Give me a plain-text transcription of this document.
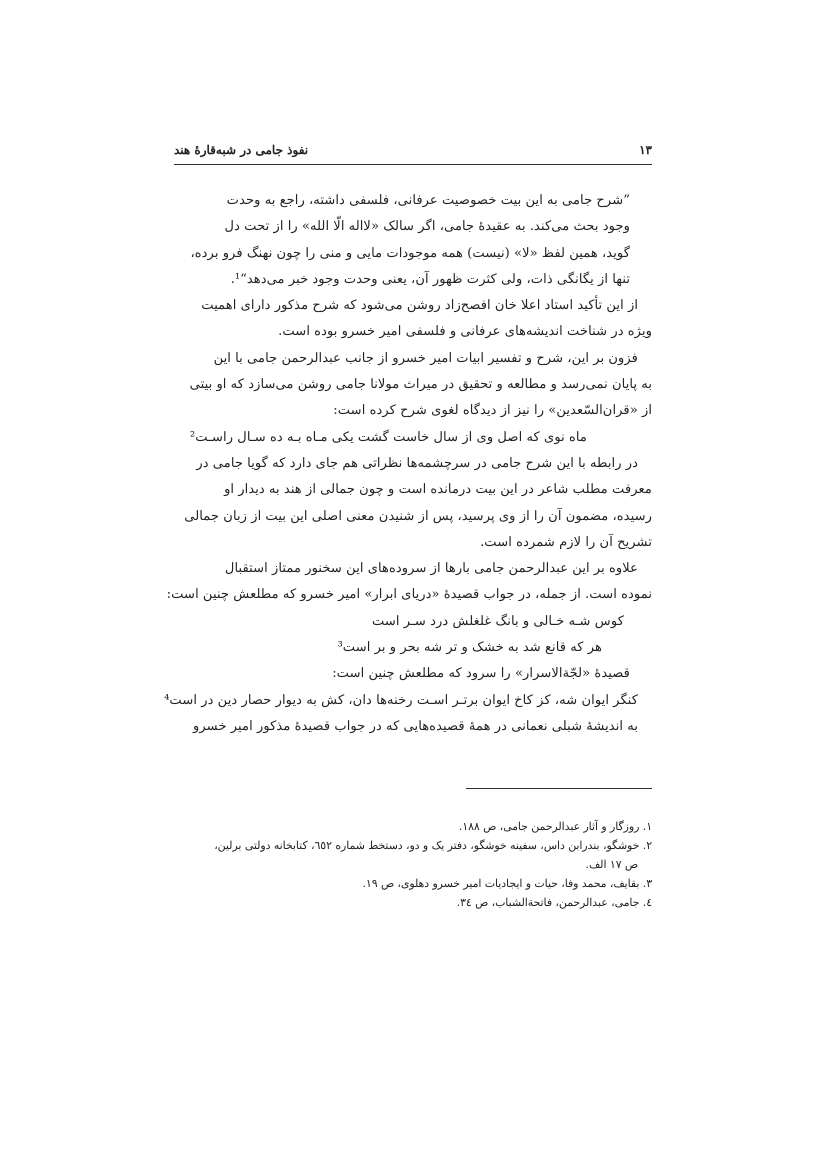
۱۳
نفوذ جامی در شبه‌قارهٔ هند
”شرح جامی به این بیت خصوصیت عرفانی، فلسفی داشته، راجع به وحدت
وجود بحث می‌کند. به عقیدهٔ جامی، اگر سالک «لااله الّا الله» را از تحت دل
گوید، همین لفظ «لا» (نیست) همه موجودات مایی و منی را چون نهنگ فرو برده،
تنها از یگانگی ذات، ولی کثرت ظهور آن، یعنی وحدت وجود خبر می‌دهد“¹.
از این تأکید استاد اعلا خان افصح‌زاد روشن می‌شود که شرح مذکور دارای اهمیت
ویژه در شناخت اندیشه‌های عرفانی و فلسفی امیر خسرو بوده است.
فزون بر این، شرح و تفسیر ابیات امیر خسرو از جانب عبدالرحمن جامی با این
به پایان نمی‌رسد و مطالعه و تحقیق در میراث مولانا جامی روشن می‌سازد که او بیتی
از «قران‌السّعدین» را نیز از دیدگاه لغوی شرح کرده است:
ماه نوی که اصل وی از سال خاست گشت یکی مـاه بـه ده سـال راسـت²
در رابطه با این شرح جامی در سرچشمه‌ها نظراتی هم جای دارد که گویا جامی در
معرفت مطلب شاعر در این بیت درمانده است و چون جمالی از هند به دیدار او
رسیده، مضمون آن را از وی پرسید، پس از شنیدن معنی اصلی این بیت از زبان جمالی
تشریح آن را لازم شمرده است.
علاوه بر این عبدالرحمن جامی بارها از سروده‌های این سخنور ممتاز استقبال
نموده است. از جمله، در جواب قصیدهٔ «دریای ابرار» امیر خسرو که مطلعش چنین است:
کوس شـه خـالی و بانگ غلغلش درد سـر است
هر که قانع شد به خشک و تر شه بحر و بر است³
قصیدهٔ «لجّة‌الاسرار» را سرود که مطلعش چنین است:
کنگر ایوان شه، کز کاخ ایوان برتـر اسـت رخنه‌ها دان، کش به دیوار حصار دین در است⁴
به اندیشهٔ شبلی نعمانی در همهٔ قصیده‌هایی که در جواب قصیدهٔ مذکور امیر خسرو
۱. روزگار و آثار عبدالرحمن جامی، ص ۱۸۸.
۲. خوشگو، بندرابن داس، سفینه خوشگو، دفتر یک و دو، دستخط شماره ٦٥٢، کتابخانه دولتی برلین،
ص ۱۷ الف.
۳. بقایف، محمد وفا، حیات و ایجادیات امیر خسرو دهلوی، ص ۱۹.
٤. جامی، عبدالرحمن، فاتحةالشباب، ص ۳٤.
